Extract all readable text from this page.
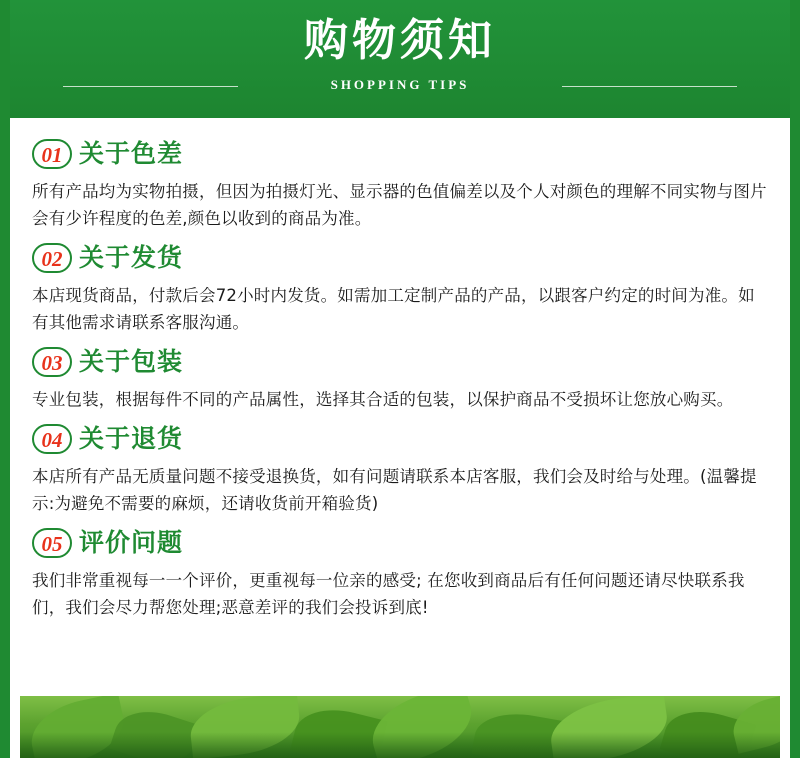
购物须知
SHOPPING TIPS
01 关于色差

所有产品均为实物拍摄，但因为拍摄灯光、显示器的色值偏差以及个人对颜色的理解不同实物与图片会有少许程度的色差,颜色以收到的商品为准。

02 关于发货

本店现货商品，付款后会72小时内发货。如需加工定制产品的产品，以跟客户约定的时间为准。如有其他需求请联系客服沟通。

03 关于包装

专业包装，根据每件不同的产品属性，选择其合适的包装，以保护商品不受损坏让您放心购买。

04 关于退货

本店所有产品无质量问题不接受退换货，如有问题请联系本店客服，我们会及时给与处理。(温馨提示:为避免不需要的麻烦，还请收货前开箱验货)

05 评价问题

我们非常重视每一一个评价，更重视每一位亲的感受; 在您收到商品后有任何问题还请尽快联系我们，我们会尽力帮您处理;恶意差评的我们会投诉到底!
